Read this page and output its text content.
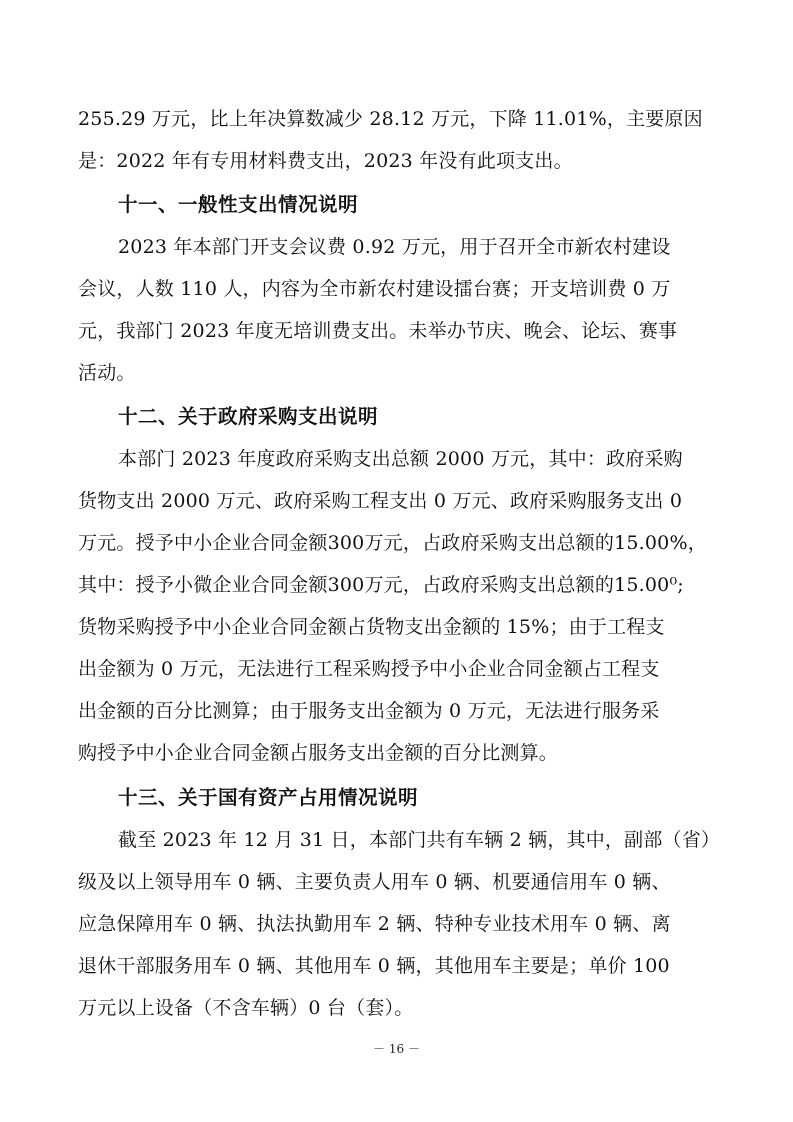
255.29 万元，比上年决算数减少 28.12 万元，下降 11.01%，主要原因
是：2022 年有专用材料费支出，2023 年没有此项支出。
十一、一般性支出情况说明
2023 年本部门开支会议费 0.92 万元，用于召开全市新农村建设
会议，人数 110 人，内容为全市新农村建设擂台赛；开支培训费 0 万
元，我部门 2023 年度无培训费支出。未举办节庆、晚会、论坛、赛事
活动。
十二、关于政府采购支出说明
本部门 2023 年度政府采购支出总额 2000 万元，其中：政府采购
货物支出 2000 万元、政府采购工程支出 0 万元、政府采购服务支出 0
万元。授予中小企业合同金额300万元，占政府采购支出总额的15.00%，
其中：授予小微企业合同金额300万元，占政府采购支出总额的15.00⁰;
货物采购授予中小企业合同金额占货物支出金额的 15%；由于工程支
出金额为 0 万元，无法进行工程采购授予中小企业合同金额占工程支
出金额的百分比测算；由于服务支出金额为 0 万元，无法进行服务采
购授予中小企业合同金额占服务支出金额的百分比测算。
十三、关于国有资产占用情况说明
截至 2023 年 12 月 31 日，本部门共有车辆 2 辆，其中，副部（省）
级及以上领导用车 0 辆、主要负责人用车 0 辆、机要通信用车 0 辆、
应急保障用车 0 辆、执法执勤用车 2 辆、特种专业技术用车 0 辆、离
退休干部服务用车 0 辆、其他用车 0 辆，其他用车主要是；单价 100
万元以上设备（不含车辆）0 台（套）。
－ 16 －
